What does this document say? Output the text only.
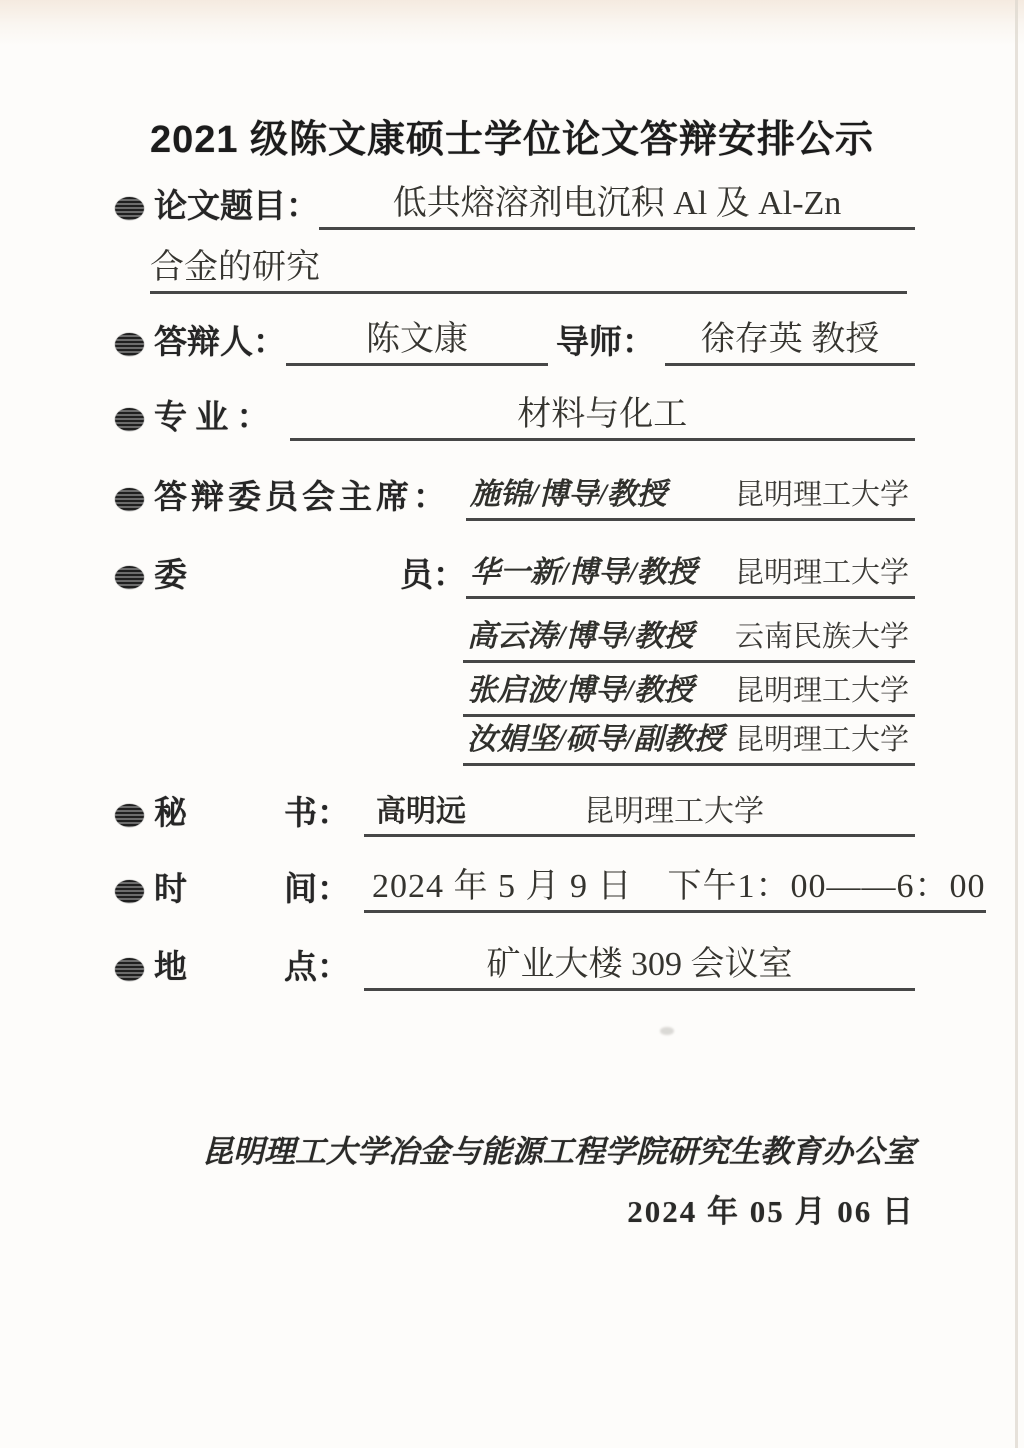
2021 级陈文康硕士学位论文答辩安排公示
论文题目：	低共熔溶剂电沉积 Al 及 Al-Zn
合金的研究
答辩人：	陈文康	导师：	徐存英 教授
专 业 ：	材料与化工
答辩委员会主席： 施锦/博导/教授 昆明理工大学
委	员： 华一新/博导/教授 昆明理工大学
高云涛/博导/教授 云南民族大学
张启波/博导/教授 昆明理工大学
汝娟坚/硕导/副教授 昆明理工大学
秘	书： 高明远	昆明理工大学
时	间： 2024 年 5 月 9 日　下午1：00——6：00
地	点：	矿业大楼 309 会议室
昆明理工大学冶金与能源工程学院研究生教育办公室
2024 年 05 月 06 日
